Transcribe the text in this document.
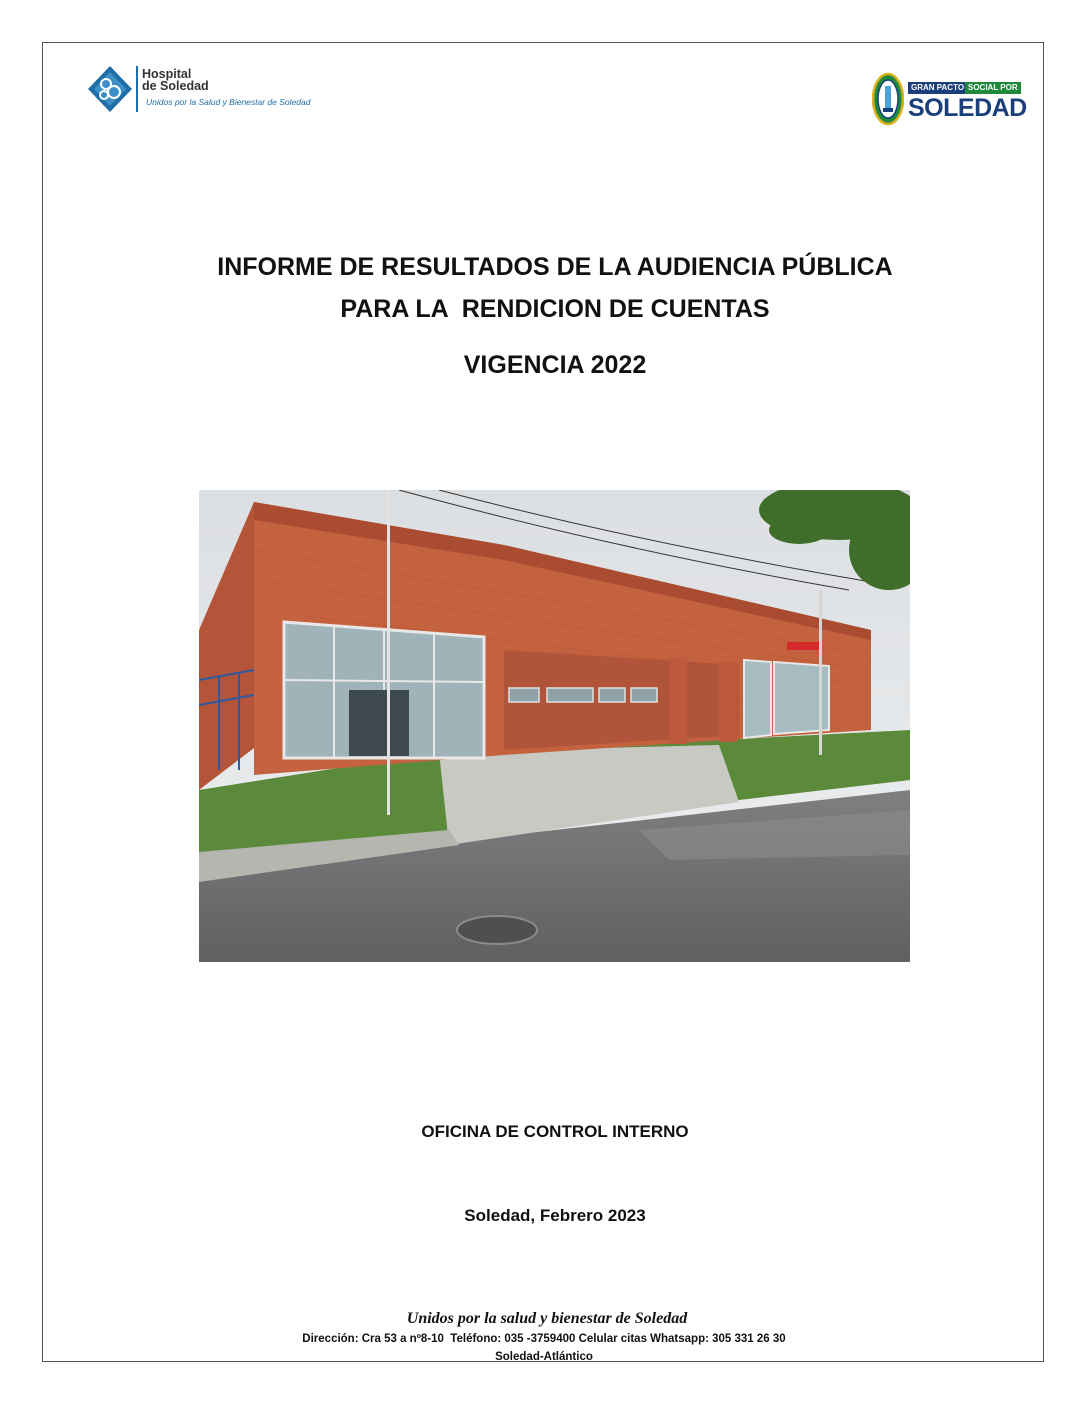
Hospital
de Soledad
Unidos por la Salud y Bienestar de Soledad
GRAN PACTO SOCIAL POR
SOLEDAD
INFORME DE RESULTADOS DE LA AUDIENCIA PÚBLICA
PARA LA  RENDICION DE CUENTAS
VIGENCIA 2022
OFICINA DE CONTROL INTERNO
Soledad, Febrero 2023
Unidos por la salud y bienestar de Soledad
Dirección: Cra 53 a nº8-10  Teléfono: 035 -3759400 Celular citas Whatsapp: 305 331 26 30
Soledad-Atlántico
